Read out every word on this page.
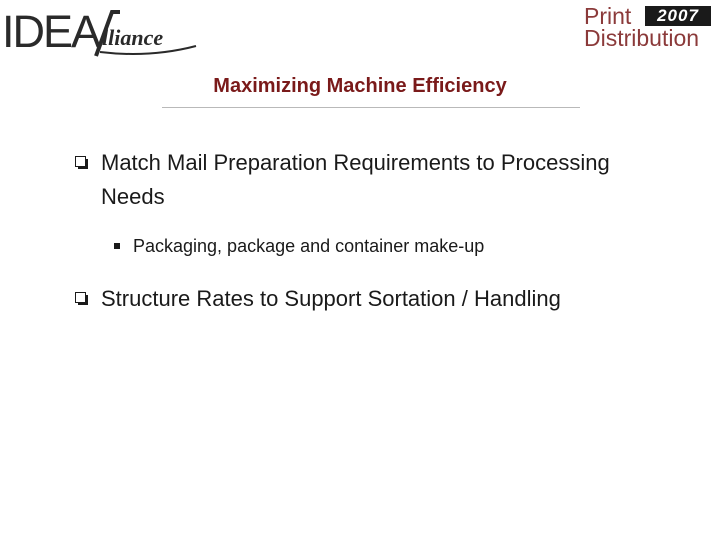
IDEA lliance
Print	2007
Distribution
Maximizing Machine Efficiency
Match Mail Preparation Requirements to Processing Needs
Packaging, package and container make-up
Structure Rates to Support Sortation / Handling
